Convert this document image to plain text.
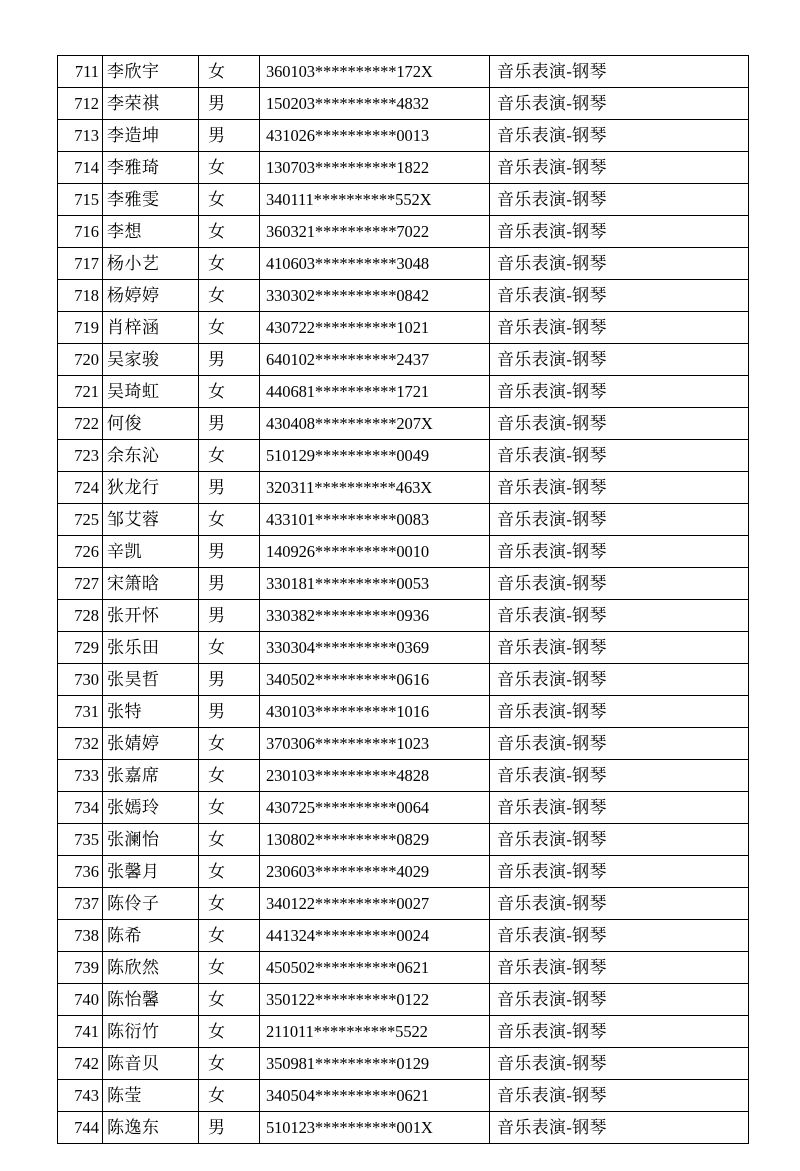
711	李欣宇	女	360103**********172X	音乐表演-钢琴
712	李荣祺	男	150203**********4832	音乐表演-钢琴
713	李造坤	男	431026**********0013	音乐表演-钢琴
714	李雅琦	女	130703**********1822	音乐表演-钢琴
715	李雅雯	女	340111**********552X	音乐表演-钢琴
716	李想	女	360321**********7022	音乐表演-钢琴
717	杨小艺	女	410603**********3048	音乐表演-钢琴
718	杨婷婷	女	330302**********0842	音乐表演-钢琴
719	肖梓涵	女	430722**********1021	音乐表演-钢琴
720	吴家骏	男	640102**********2437	音乐表演-钢琴
721	吴琦虹	女	440681**********1721	音乐表演-钢琴
722	何俊	男	430408**********207X	音乐表演-钢琴
723	余东沁	女	510129**********0049	音乐表演-钢琴
724	狄龙行	男	320311**********463X	音乐表演-钢琴
725	邹艾蓉	女	433101**********0083	音乐表演-钢琴
726	辛凯	男	140926**********0010	音乐表演-钢琴
727	宋箫晗	男	330181**********0053	音乐表演-钢琴
728	张开怀	男	330382**********0936	音乐表演-钢琴
729	张乐田	女	330304**********0369	音乐表演-钢琴
730	张昊哲	男	340502**********0616	音乐表演-钢琴
731	张特	男	430103**********1016	音乐表演-钢琴
732	张婧婷	女	370306**********1023	音乐表演-钢琴
733	张嘉席	女	230103**********4828	音乐表演-钢琴
734	张嫣玲	女	430725**********0064	音乐表演-钢琴
735	张澜怡	女	130802**********0829	音乐表演-钢琴
736	张馨月	女	230603**********4029	音乐表演-钢琴
737	陈伶子	女	340122**********0027	音乐表演-钢琴
738	陈希	女	441324**********0024	音乐表演-钢琴
739	陈欣然	女	450502**********0621	音乐表演-钢琴
740	陈怡馨	女	350122**********0122	音乐表演-钢琴
741	陈衍竹	女	211011**********5522	音乐表演-钢琴
742	陈音贝	女	350981**********0129	音乐表演-钢琴
743	陈莹	女	340504**********0621	音乐表演-钢琴
744	陈逸东	男	510123**********001X	音乐表演-钢琴
